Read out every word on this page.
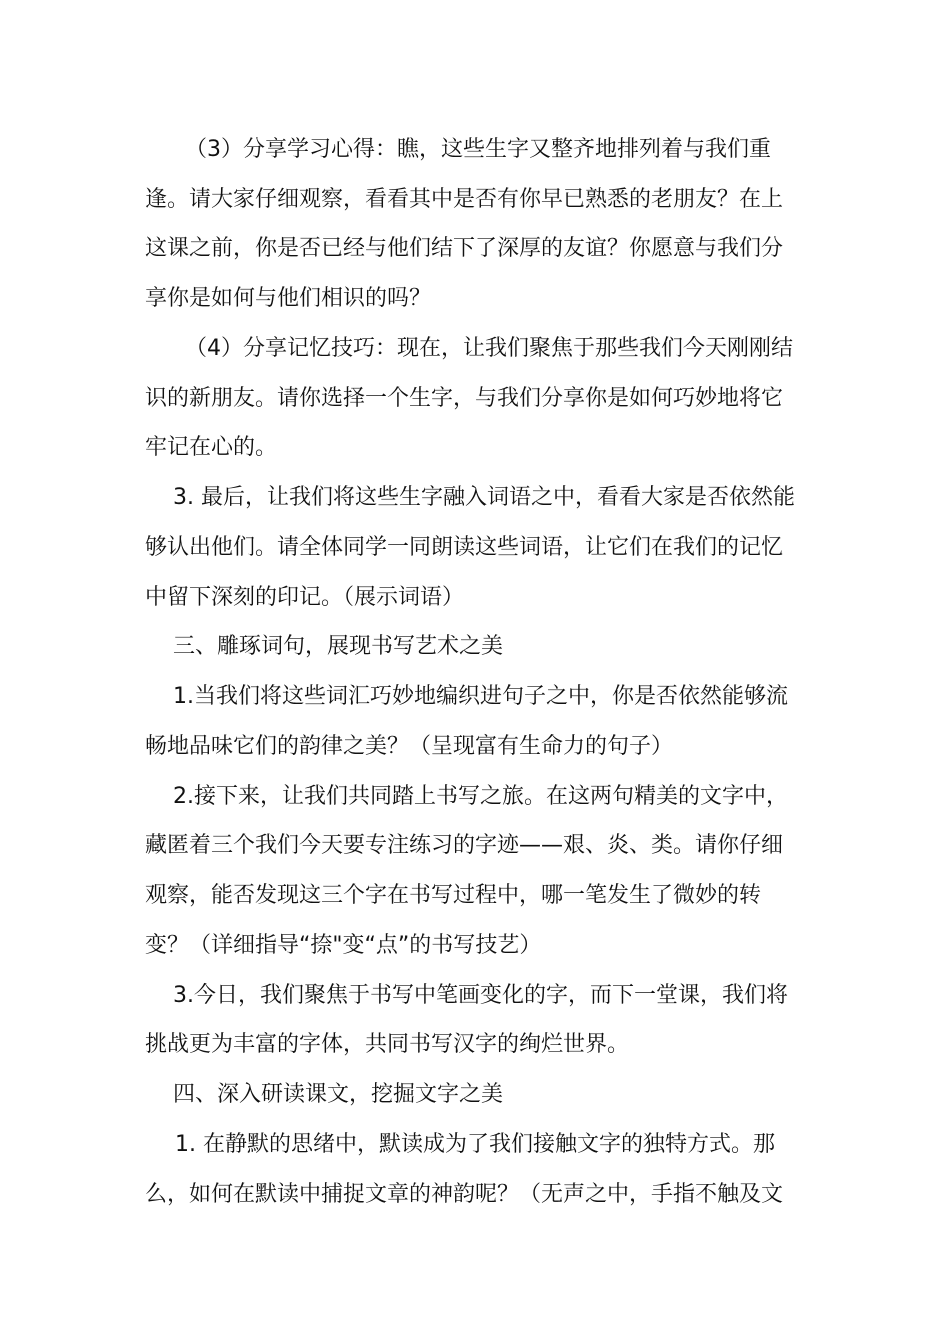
（3）分享学习心得：瞧，这些生字又整齐地排列着与我们重
逢。请大家仔细观察，看看其中是否有你早已熟悉的老朋友？在上
这课之前，你是否已经与他们结下了深厚的友谊？你愿意与我们分
享你是如何与他们相识的吗？
（4）分享记忆技巧：现在，让我们聚焦于那些我们今天刚刚结
识的新朋友。请你选择一个生字，与我们分享你是如何巧妙地将它
牢记在心的。
3. 最后，让我们将这些生字融入词语之中，看看大家是否依然能
够认出他们。请全体同学一同朗读这些词语，让它们在我们的记忆
中留下深刻的印记。（展示词语）
三、雕琢词句，展现书写艺术之美
1.当我们将这些词汇巧妙地编织进句子之中，你是否依然能够流
畅地品味它们的韵律之美？（呈现富有生命力的句子）
2.接下来，让我们共同踏上书写之旅。在这两句精美的文字中，
藏匿着三个我们今天要专注练习的字迹——艰、炎、类。请你仔细
观察，能否发现这三个字在书写过程中，哪一笔发生了微妙的转
变？（详细指导“捺"变“点”的书写技艺）
3.今日，我们聚焦于书写中笔画变化的字，而下一堂课，我们将
挑战更为丰富的字体，共同书写汉字的绚烂世界。
四、深入研读课文，挖掘文字之美
1. 在静默的思绪中，默读成为了我们接触文字的独特方式。那
么，如何在默读中捕捉文章的神韵呢？（无声之中，手指不触及文
